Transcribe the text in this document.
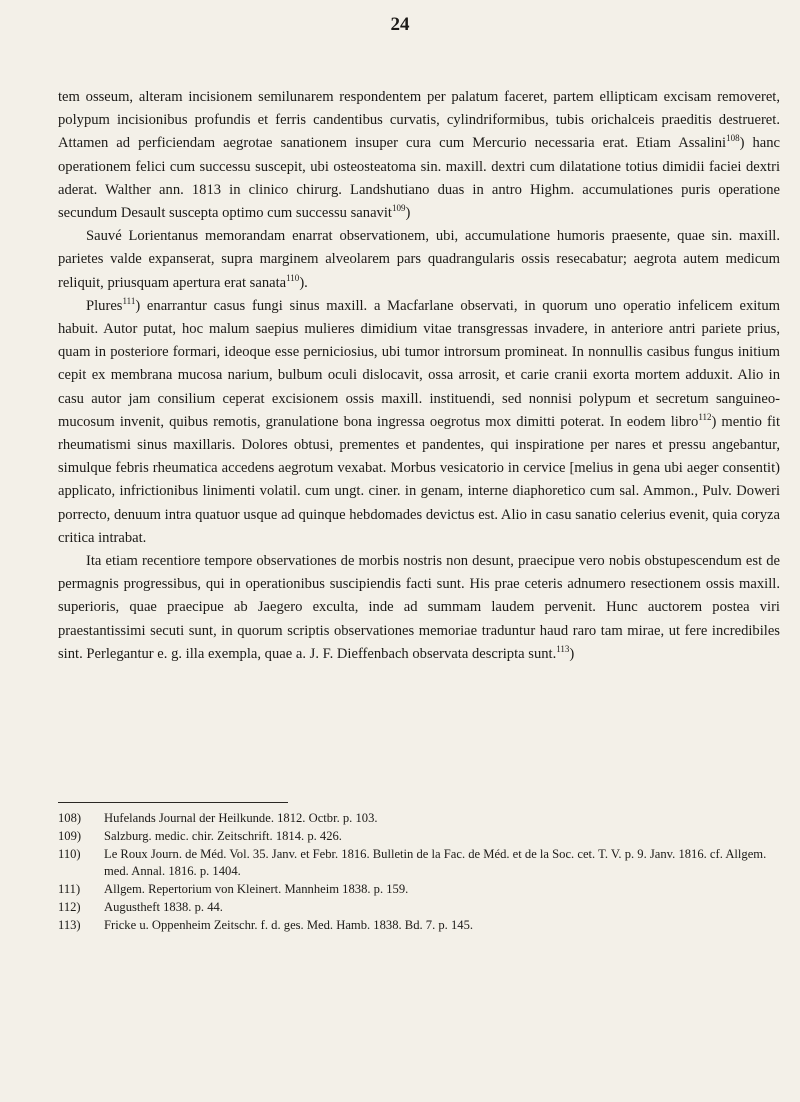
24

tem osseum, alteram incisionem semilunarem respondentem per palatum faceret, partem ellipticam excisam removeret, polypum incisionibus profundis et ferris candentibus curvatis, cylindriformibus, tubis orichalceis praeditis destrueret. Attamen ad perficiendam aegrotae sanationem insuper cura cum Mercurio necessaria erat. Etiam Assalini$^{108}$) hanc operationem felici cum successu suscepit, ubi osteosteatoma sin. maxill. dextri cum dilatatione totius dimidii faciei dextri aderat. Walther ann. 1813 in clinico chirurg. Landshutiano duas in antro Highm. accumulationes puris operatione secundum Desault suscepta optimo cum successu sanavit$^{109}$)

Sauvé Lorientanus memorandam enarrat observationem, ubi, accumulatione humoris praesente, quae sin. maxill. parietes valde expanserat, supra marginem alveolarem pars quadrangularis ossis resecabatur; aegrota autem medicum reliquit, priusquam apertura erat sanata$^{110}$).

Plures$^{111}$) enarrantur casus fungi sinus maxill. a Macfarlane observati, in quorum uno operatio infelicem exitum habuit. Autor putat, hoc malum saepius mulieres dimidium vitae transgressas invadere, in anteriore antri pariete prius, quam in posteriore formari, ideoque esse perniciosius, ubi tumor introrsum promineat. In nonnullis casibus fungus initium cepit ex membrana mucosa narium, bulbum oculi dislocavit, ossa arrosit, et carie cranii exorta mortem adduxit. Alio in casu autor jam consilium ceperat excisionem ossis maxill. instituendi, sed nonnisi polypum et secretum sanguineo-mucosum invenit, quibus remotis, granulatione bona ingressa oegrotus mox dimitti poterat. In eodem libro$^{112}$) mentio fit rheumatismi sinus maxillaris. Dolores obtusi, prementes et pandentes, qui inspiratione per nares et pressu angebantur, simulque febris rheumatica accedens aegrotum vexabat. Morbus vesicatorio in cervice [melius in gena ubi aeger consentit) applicato, infrictionibus linimenti volatil. cum ungt. ciner. in genam, interne diaphoretico cum sal. Ammon., Pulv. Doweri porrecto, denuum intra quatuor usque ad quinque hebdomades devictus est. Alio in casu sanatio celerius evenit, quia coryza critica intrabat.

Ita etiam recentiore tempore observationes de morbis nostris non desunt, praecipue vero nobis obstupescendum est de permagnis progressibus, qui in operationibus suscipiendis facti sunt. His prae ceteris adnumero resectionem ossis maxill. superioris, quae praecipue ab Jaegero exculta, inde ad summam laudem pervenit. Hunc auctorem postea viri praestantissimi secuti sunt, in quorum scriptis observationes memoriae traduntur haud raro tam mirae, ut fere incredibiles sint. Perlegantur e. g. illa exempla, quae a. J. F. Dieffenbach observata descripta sunt.$^{113}$)

108)	Hufelands Journal der Heilkunde. 1812. Octbr. p. 103.
109)	Salzburg. medic. chir. Zeitschrift. 1814. p. 426.
110)	Le Roux Journ. de Méd. Vol. 35. Janv. et Febr. 1816. Bulletin de la Fac. de Méd. et de la Soc. cet. T. V. p. 9. Janv. 1816. cf. Allgem. med. Annal. 1816. p. 1404.
111)	Allgem. Repertorium von Kleinert. Mannheim 1838. p. 159.
112)	Augustheft 1838. p. 44.
113)	Fricke u. Oppenheim Zeitschr. f. d. ges. Med. Hamb. 1838. Bd. 7. p. 145.
